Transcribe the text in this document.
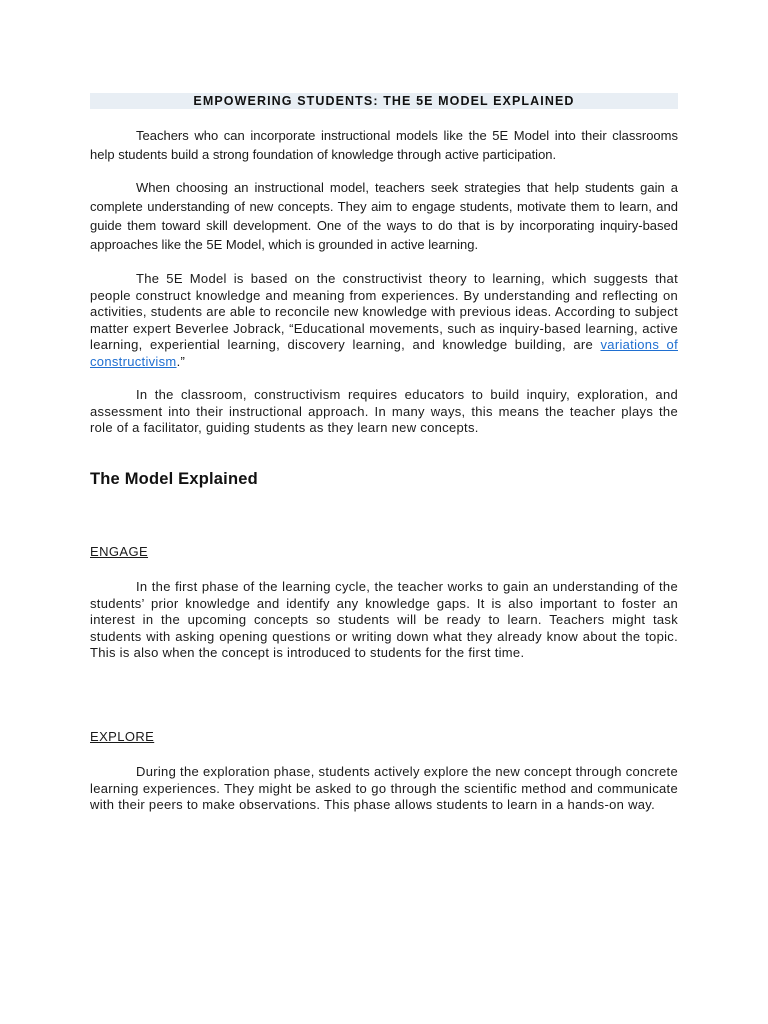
EMPOWERING STUDENTS: THE 5E MODEL EXPLAINED

Teachers who can incorporate instructional models like the 5E Model into their classrooms help students build a strong foundation of knowledge through active participation.

When choosing an instructional model, teachers seek strategies that help students gain a complete understanding of new concepts. They aim to engage students, motivate them to learn, and guide them toward skill development. One of the ways to do that is by incorporating inquiry-based approaches like the 5E Model, which is grounded in active learning.

The 5E Model is based on the constructivist theory to learning, which suggests that people construct knowledge and meaning from experiences. By understanding and reflecting on activities, students are able to reconcile new knowledge with previous ideas. According to subject matter expert Beverlee Jobrack, “Educational movements, such as inquiry-based learning, active learning, experiential learning, discovery learning, and knowledge building, are variations of constructivism.”

In the classroom, constructivism requires educators to build inquiry, exploration, and assessment into their instructional approach. In many ways, this means the teacher plays the role of a facilitator, guiding students as they learn new concepts.

The Model Explained

ENGAGE

In the first phase of the learning cycle, the teacher works to gain an understanding of the students’ prior knowledge and identify any knowledge gaps. It is also important to foster an interest in the upcoming concepts so students will be ready to learn. Teachers might task students with asking opening questions or writing down what they already know about the topic. This is also when the concept is introduced to students for the first time.

EXPLORE

During the exploration phase, students actively explore the new concept through concrete learning experiences. They might be asked to go through the scientific method and communicate with their peers to make observations. This phase allows students to learn in a hands-on way.
